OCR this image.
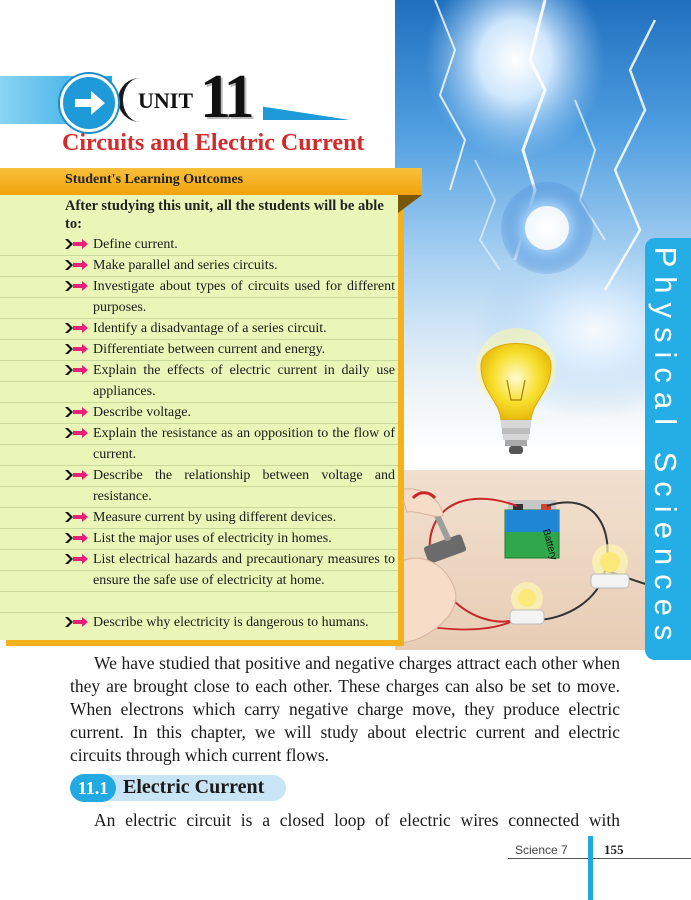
Battery
UNIT 11
Circuits and Electric Current
Student's Learning Outcomes
After studying this unit, all the students will be able to:
Define current.
Make parallel and series circuits.
Investigate about types of circuits used for different purposes.
Identify a disadvantage of a series circuit.
Differentiate between current and energy.
Explain the effects of electric current in daily use appliances.
Describe voltage.
Explain the resistance as an opposition to the flow of current.
Describe the relationship between voltage and resistance.
Measure current by using different devices.
List the major uses of electricity in homes.
List electrical hazards and precautionary measures to ensure the safe use of electricity at home.
Describe why electricity is dangerous to humans.	Physical Sciences

We have studied that positive and negative charges attract each other when they are brought close to each other. These charges can also be set to move. When electrons which carry negative charge move, they produce electric current. In this chapter, we will study about electric current and electric circuits through which current flows.

11.1 Electric Current

An electric circuit is a closed loop of electric wires connected with

Science 7	155
